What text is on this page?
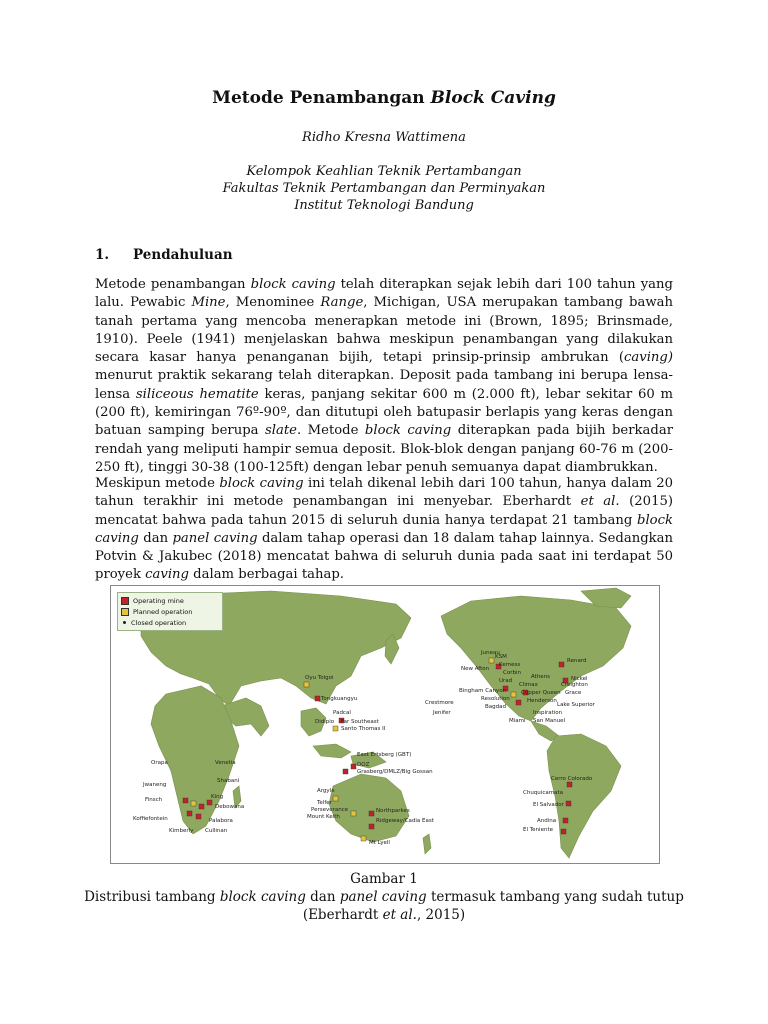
Metode Penambangan Block Caving
Ridho Kresna Wattimena
Kelompok Keahlian Teknik Pertambangan
Fakultas Teknik Pertambangan dan Perminyakan
Institut Teknologi Bandung
1. Pendahuluan
Metode penambangan block caving telah diterapkan sejak lebih dari 100 tahun yang lalu. Pewabic Mine, Menominee Range, Michigan, USA merupakan tambang bawah tanah pertama yang mencoba menerapkan metode ini (Brown, 1895; Brinsmade, 1910). Peele (1941) menjelaskan bahwa meskipun penambangan yang dilakukan secara kasar hanya penanganan bijih, tetapi prinsip-prinsip ambrukan (caving) menurut praktik sekarang telah diterapkan. Deposit pada tambang ini berupa lensa-lensa siliceous hematite keras, panjang sekitar 600 m (2.000 ft), lebar sekitar 60 m (200 ft), kemiringan 76º-90º, dan ditutupi oleh batupasir berlapis yang keras dengan batuan samping berupa slate. Metode block caving diterapkan pada bijih berkadar rendah yang meliputi hampir semua deposit. Blok-blok dengan panjang 60-76 m (200-250 ft), tinggi 30-38 (100-125ft) dengan lebar penuh semuanya dapat diambrukkan.
Meskipun metode block caving ini telah dikenal lebih dari 100 tahun, hanya dalam 20 tahun terakhir ini metode penambangan ini menyebar. Eberhardt et al. (2015) mencatat bahwa pada tahun 2015 di seluruh dunia hanya terdapat 21 tambang block caving dan panel caving dalam tahap operasi dan 18 dalam tahap lainnya. Sedangkan Potvin & Jakubec (2018) mencatat bahwa di seluruh dunia pada saat ini terdapat 50 proyek caving dalam berbagai tahap.
Oyu Tolgoi
Tongkuangyu
Padcal
Didipio Far Southeast
Santo Thomas II
East Ertsberg (GBT)
DOZ
Grasberg/DMLZ/Big Gossan
Argyle
Telfer
Perseverance
Mount Keith
Northparkes
Ridgeway/Cadia East
Mt Lyell
Orapa
Jwaneng
Finsch
Koffiefontein
Kimberly
Venetia
Shabani
King
Debowana
Palabora
Cullinan
Juneau
KSM
New Afton
Kemess
Corbin
Urad
Climax
Bingham Canyon
Resolution
Bagdad
Crestmore
Jenifer
Copper Queen
Henderson
Miami San Manuel
Inspiration
Athens
Renard
Nickel
Creighton
Grace
Lake Superior
Cerro Colorado
Chuquicamata
El Salvador
Andina
El Teniente
Operating mine
Planned operation
Closed operation
Gambar 1
Distribusi tambang block caving dan panel caving termasuk tambang yang sudah tutup
(Eberhardt et al., 2015)
